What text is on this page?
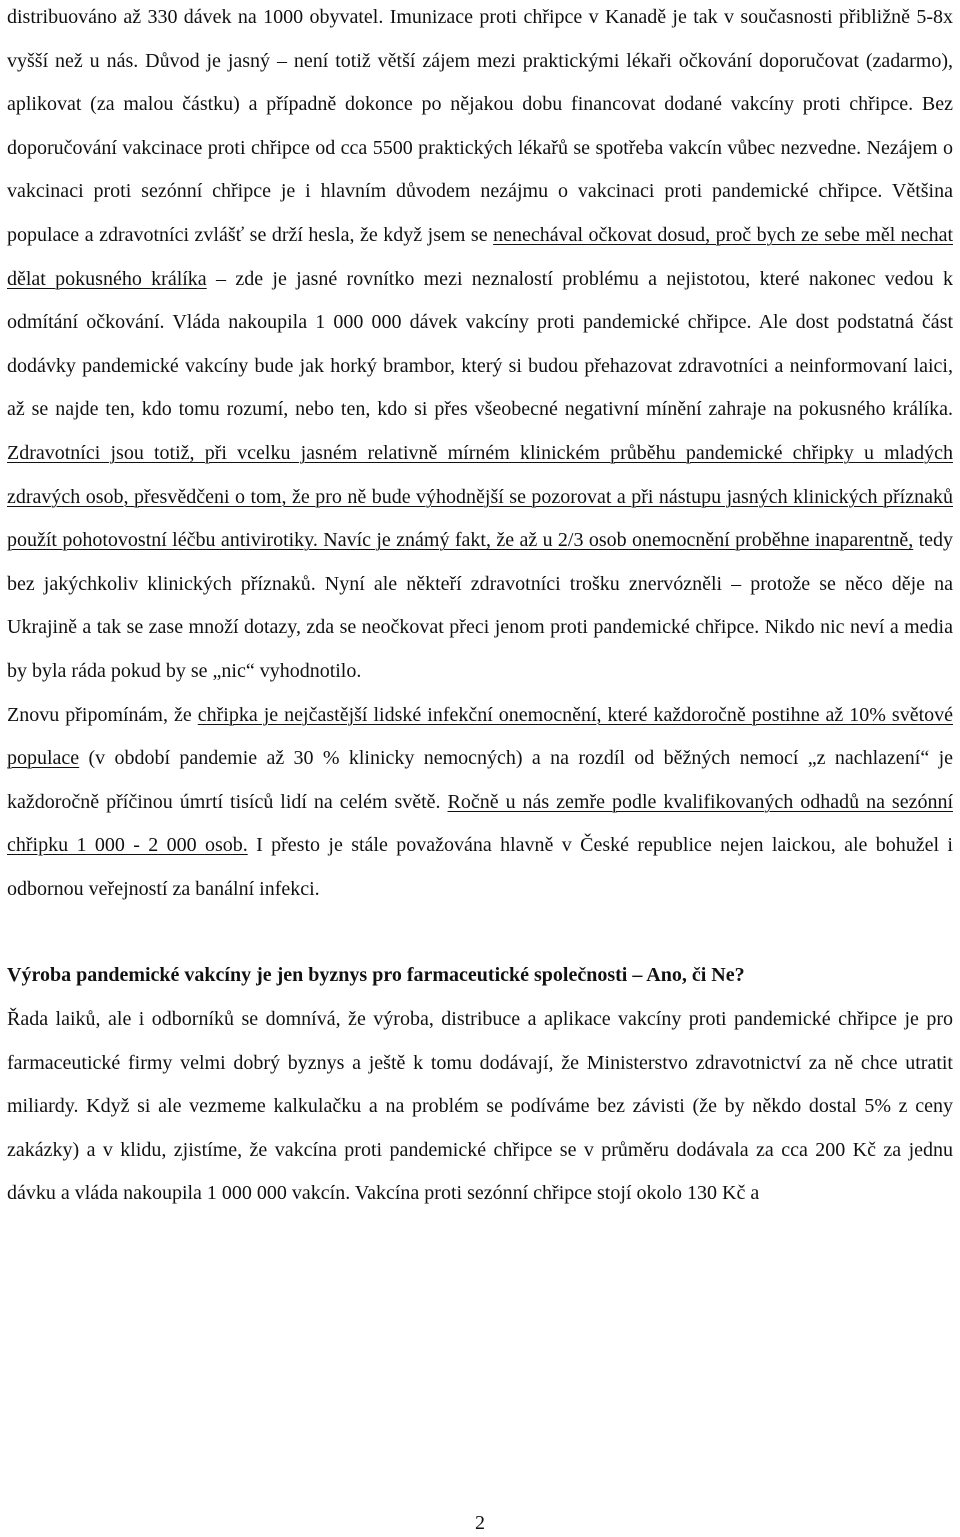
distribuováno až 330 dávek na 1000 obyvatel. Imunizace proti chřipce v Kanadě je tak v současnosti přibližně 5-8x vyšší než u nás. Důvod je jasný – není totiž větší zájem mezi praktickými lékaři očkování doporučovat (zadarmo), aplikovat (za malou částku) a případně dokonce po nějakou dobu financovat dodané vakcíny proti chřipce. Bez doporučování vakcinace proti chřipce od cca 5500 praktických lékařů se spotřeba vakcín vůbec nezvedne. Nezájem o vakcinaci proti sezónní chřipce je i hlavním důvodem nezájmu o vakcinaci proti pandemické chřipce. Většina populace a zdravotníci zvlášť se drží hesla, že když jsem se nenechával očkovat dosud, proč bych ze sebe měl nechat dělat pokusného králíka – zde je jasné rovnítko mezi neznalostí problému a nejistotou, které nakonec vedou k odmítání očkování. Vláda nakoupila 1 000 000 dávek vakcíny proti pandemické chřipce. Ale dost podstatná část dodávky pandemické vakcíny bude jak horký brambor, který si budou přehazovat zdravotníci a neinformovaní laici, až se najde ten, kdo tomu rozumí, nebo ten, kdo si přes všeobecné negativní mínění zahraje na pokusného králíka. Zdravotníci jsou totiž, při vcelku jasném relativně mírném klinickém průběhu pandemické chřipky u mladých zdravých osob, přesvědčeni o tom, že pro ně bude výhodnější se pozorovat a při nástupu jasných klinických příznaků použít pohotovostní léčbu antivirotiky. Navíc je známý fakt, že až u 2/3 osob onemocnění proběhne inaparentně, tedy bez jakýchkoliv klinických příznaků. Nyní ale někteří zdravotníci trošku znervózněli – protože se něco děje na Ukrajině a tak se zase množí dotazy, zda se neočkovat přeci jenom proti pandemické chřipce. Nikdo nic neví a media by byla ráda pokud by se „nic“ vyhodnotilo.

Znovu připomínám, že chřipka je nejčastější lidské infekční onemocnění, které každoročně postihne až 10% světové populace (v období pandemie až 30 % klinicky nemocných) a na rozdíl od běžných nemocí „z nachlazení“ je každoročně příčinou úmrtí tisíců lidí na celém světě. Ročně u nás zemře podle kvalifikovaných odhadů na sezónní chřipku 1 000 - 2 000 osob. I přesto je stále považována hlavně v České republice nejen laickou, ale bohužel i odbornou veřejností za banální infekci.

Výroba pandemické vakcíny je jen byznys pro farmaceutické společnosti – Ano, či Ne?

Řada laiků, ale i odborníků se domnívá, že výroba, distribuce a aplikace vakcíny proti pandemické chřipce je pro farmaceutické firmy velmi dobrý byznys a ještě k tomu dodávají, že Ministerstvo zdravotnictví za ně chce utratit miliardy. Když si ale vezmeme kalkulačku a na problém se podíváme bez závisti (že by někdo dostal 5% z ceny zakázky) a v klidu, zjistíme, že vakcína proti pandemické chřipce se v průměru dodávala za cca 200 Kč za jednu dávku a vláda nakoupila 1 000 000 vakcín. Vakcína proti sezónní chřipce stojí okolo 130 Kč a

2
